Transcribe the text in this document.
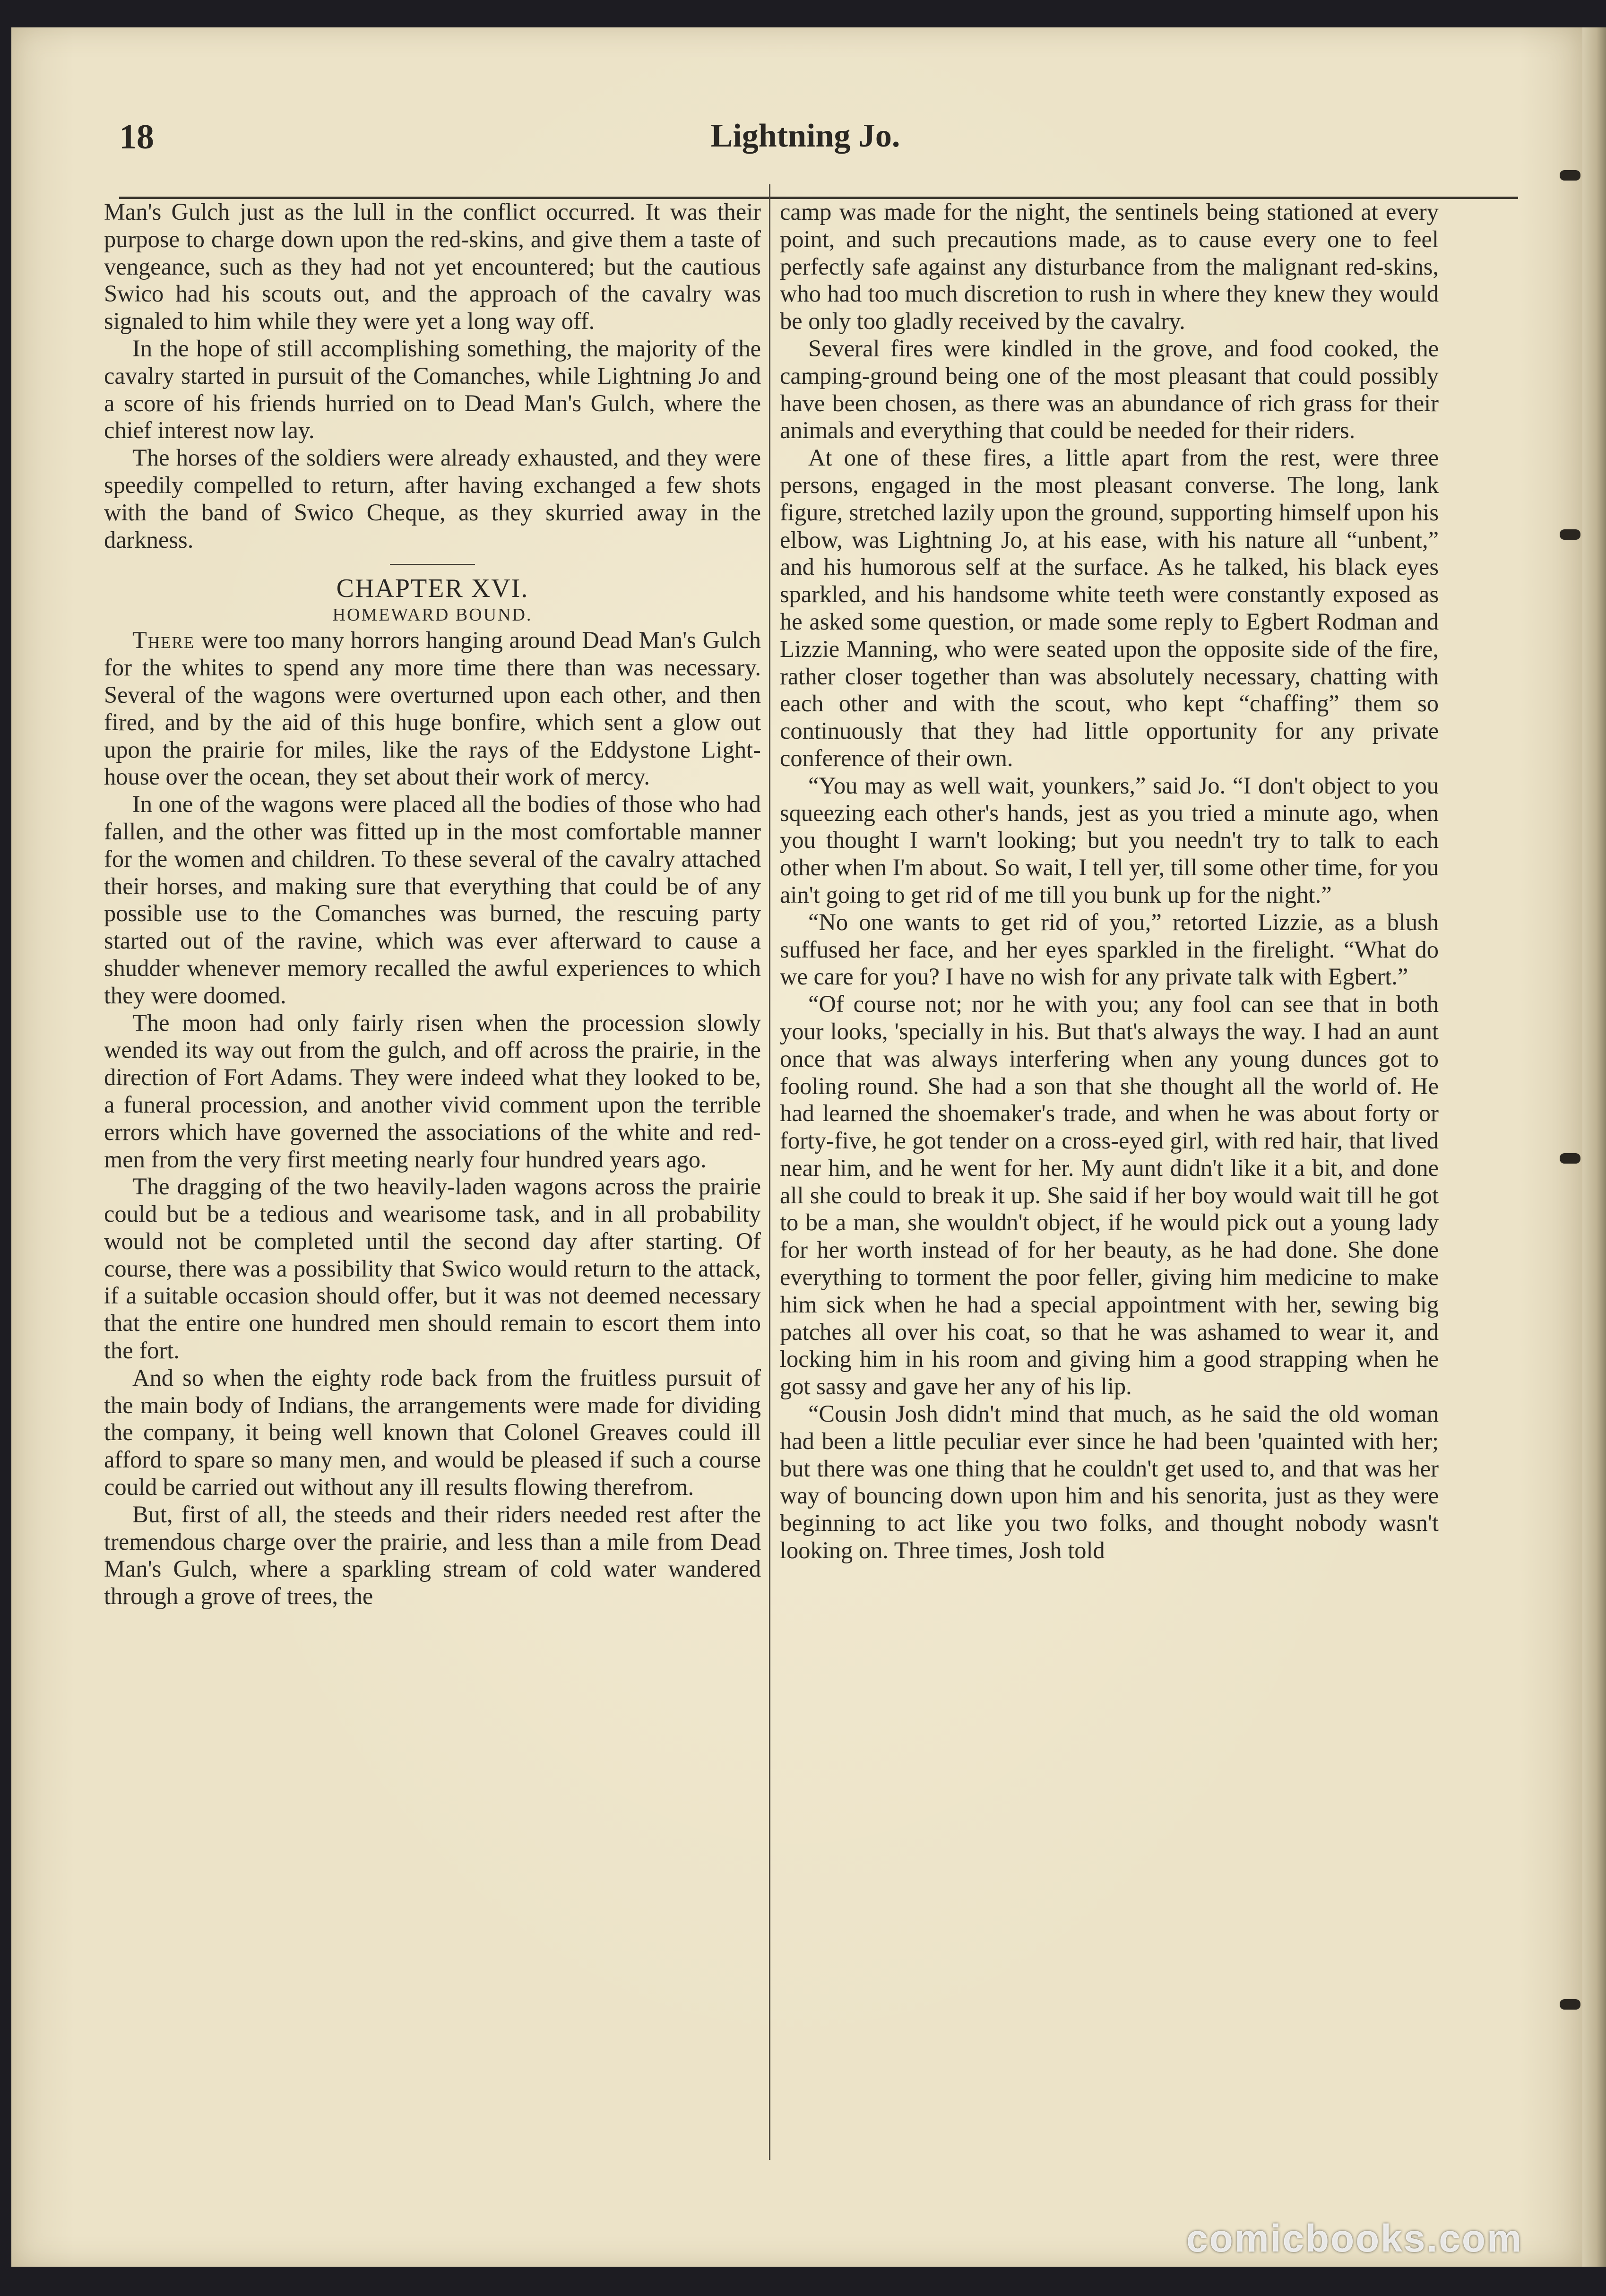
18	Lightning Jo.

Man's Gulch just as the lull in the conflict occurred. It was their purpose to charge down upon the red-skins, and give them a taste of vengeance, such as they had not yet encountered; but the cautious Swico had his scouts out, and the approach of the cavalry was signaled to him while they were yet a long way off.

In the hope of still accomplishing something, the majority of the cavalry started in pursuit of the Comanches, while Lightning Jo and a score of his friends hurried on to Dead Man's Gulch, where the chief interest now lay.

The horses of the soldiers were already exhausted, and they were speedily compelled to return, after having exchanged a few shots with the band of Swico Cheque, as they skurried away in the darkness.

CHAPTER XVI.
HOMEWARD BOUND.

There were too many horrors hanging around Dead Man's Gulch for the whites to spend any more time there than was necessary. Several of the wagons were overturned upon each other, and then fired, and by the aid of this huge bonfire, which sent a glow out upon the prairie for miles, like the rays of the Eddystone Light-house over the ocean, they set about their work of mercy.

In one of the wagons were placed all the bodies of those who had fallen, and the other was fitted up in the most comfortable manner for the women and children. To these several of the cavalry attached their horses, and making sure that everything that could be of any possible use to the Comanches was burned, the rescuing party started out of the ravine, which was ever afterward to cause a shudder whenever memory recalled the awful experiences to which they were doomed.

The moon had only fairly risen when the procession slowly wended its way out from the gulch, and off across the prairie, in the direction of Fort Adams. They were indeed what they looked to be, a funeral procession, and another vivid comment upon the terrible errors which have governed the associations of the white and red-men from the very first meeting nearly four hundred years ago.

The dragging of the two heavily-laden wagons across the prairie could but be a tedious and wearisome task, and in all probability would not be completed until the second day after starting. Of course, there was a possibility that Swico would return to the attack, if a suitable occasion should offer, but it was not deemed necessary that the entire one hundred men should remain to escort them into the fort.

And so when the eighty rode back from the fruitless pursuit of the main body of Indians, the arrangements were made for dividing the company, it being well known that Colonel Greaves could ill afford to spare so many men, and would be pleased if such a course could be carried out without any ill results flowing therefrom.

But, first of all, the steeds and their riders needed rest after the tremendous charge over the prairie, and less than a mile from Dead Man's Gulch, where a sparkling stream of cold water wandered through a grove of trees, the

camp was made for the night, the sentinels being stationed at every point, and such precautions made, as to cause every one to feel perfectly safe against any disturbance from the malignant red-skins, who had too much discretion to rush in where they knew they would be only too gladly received by the cavalry.

Several fires were kindled in the grove, and food cooked, the camping-ground being one of the most pleasant that could possibly have been chosen, as there was an abundance of rich grass for their animals and everything that could be needed for their riders.

At one of these fires, a little apart from the rest, were three persons, engaged in the most pleasant converse. The long, lank figure, stretched lazily upon the ground, supporting himself upon his elbow, was Lightning Jo, at his ease, with his nature all “unbent,” and his humorous self at the surface. As he talked, his black eyes sparkled, and his handsome white teeth were constantly exposed as he asked some question, or made some reply to Egbert Rodman and Lizzie Manning, who were seated upon the opposite side of the fire, rather closer together than was absolutely necessary, chatting with each other and with the scout, who kept “chaffing” them so continuously that they had little opportunity for any private conference of their own.

“You may as well wait, younkers,” said Jo. “I don't object to you squeezing each other's hands, jest as you tried a minute ago, when you thought I warn't looking; but you needn't try to talk to each other when I'm about. So wait, I tell yer, till some other time, for you ain't going to get rid of me till you bunk up for the night.”

“No one wants to get rid of you,” retorted Lizzie, as a blush suffused her face, and her eyes sparkled in the firelight. “What do we care for you? I have no wish for any private talk with Egbert.”

“Of course not; nor he with you; any fool can see that in both your looks, 'specially in his. But that's always the way. I had an aunt once that was always interfering when any young dunces got to fooling round. She had a son that she thought all the world of. He had learned the shoemaker's trade, and when he was about forty or forty-five, he got tender on a cross-eyed girl, with red hair, that lived near him, and he went for her. My aunt didn't like it a bit, and done all she could to break it up. She said if her boy would wait till he got to be a man, she wouldn't object, if he would pick out a young lady for her worth instead of for her beauty, as he had done. She done everything to torment the poor feller, giving him medicine to make him sick when he had a special appointment with her, sewing big patches all over his coat, so that he was ashamed to wear it, and locking him in his room and giving him a good strapping when he got sassy and gave her any of his lip.

“Cousin Josh didn't mind that much, as he said the old woman had been a little peculiar ever since he had been 'quainted with her; but there was one thing that he couldn't get used to, and that was her way of bouncing down upon him and his senorita, just as they were beginning to act like you two folks, and thought nobody wasn't looking on. Three times, Josh told

comicbooks.com
